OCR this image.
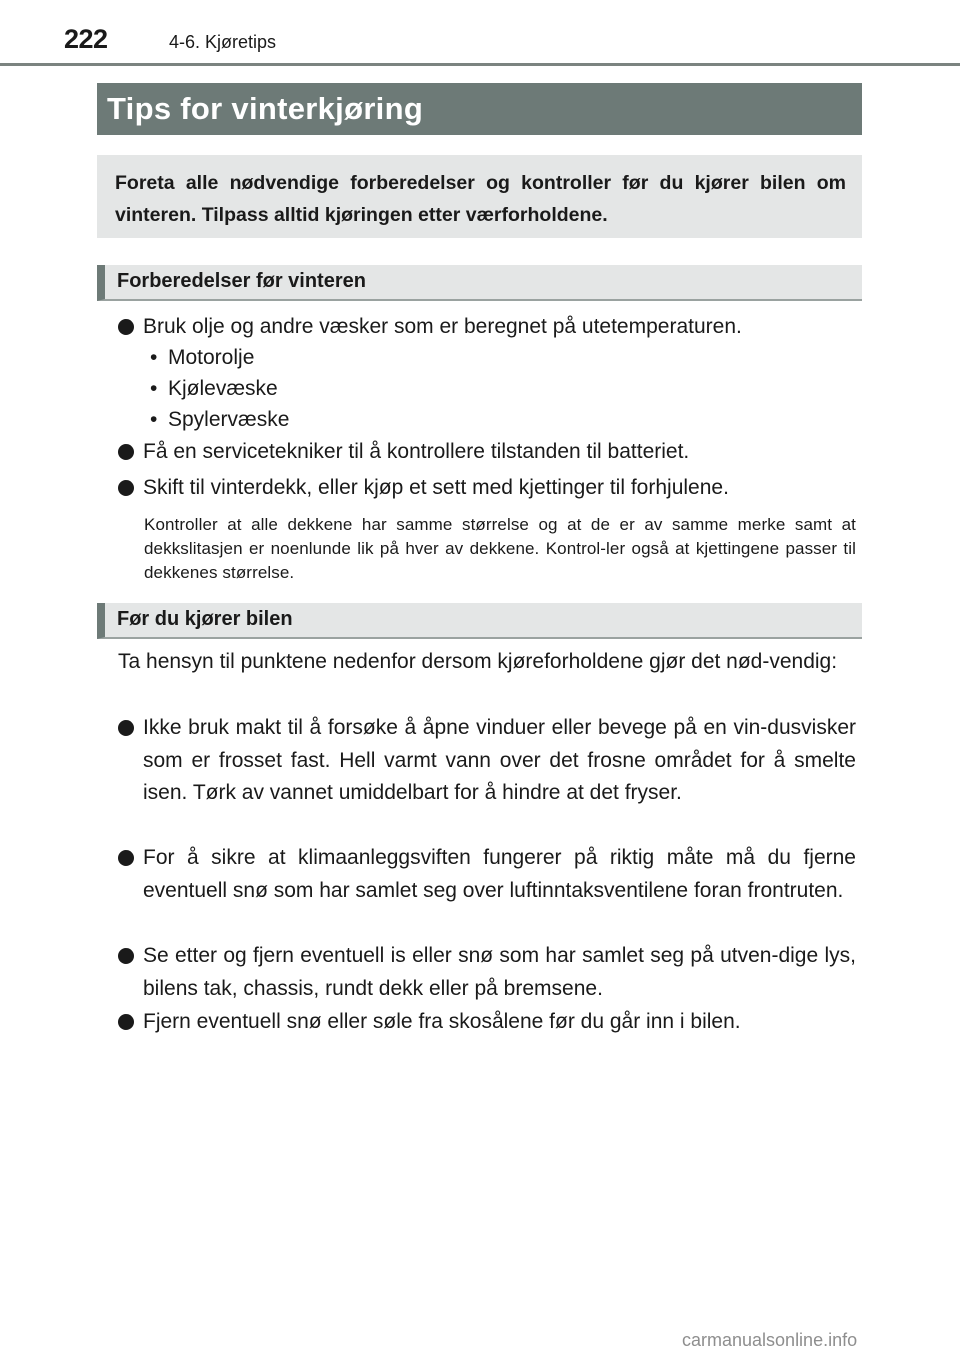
222	4-6. Kjøretips
Tips for vinterkjøring
Foreta alle nødvendige forberedelser og kontroller før du kjører bilen om vinteren. Tilpass alltid kjøringen etter værforholdene.
Forberedelser før vinteren
Bruk olje og andre væsker som er beregnet på utetemperaturen.
• Motorolje
• Kjølevæske
• Spylervæske
Få en servicetekniker til å kontrollere tilstanden til batteriet.
Skift til vinterdekk, eller kjøp et sett med kjettinger til forhjulene.
Kontroller at alle dekkene har samme størrelse og at de er av samme merke samt at dekkslitasjen er noenlunde lik på hver av dekkene. Kontrol-ler også at kjettingene passer til dekkenes størrelse.
Før du kjører bilen
Ta hensyn til punktene nedenfor dersom kjøreforholdene gjør det nød-vendig:
Ikke bruk makt til å forsøke å åpne vinduer eller bevege på en vin-dusvisker som er frosset fast. Hell varmt vann over det frosne området for å smelte isen. Tørk av vannet umiddelbart for å hindre at det fryser.
For å sikre at klimaanleggsviften fungerer på riktig måte må du fjerne eventuell snø som har samlet seg over luftinntaksventilene foran frontruten.
Se etter og fjern eventuell is eller snø som har samlet seg på utven-dige lys, bilens tak, chassis, rundt dekk eller på bremsene.
Fjern eventuell snø eller søle fra skosålene før du går inn i bilen.
carmanualsonline.info
